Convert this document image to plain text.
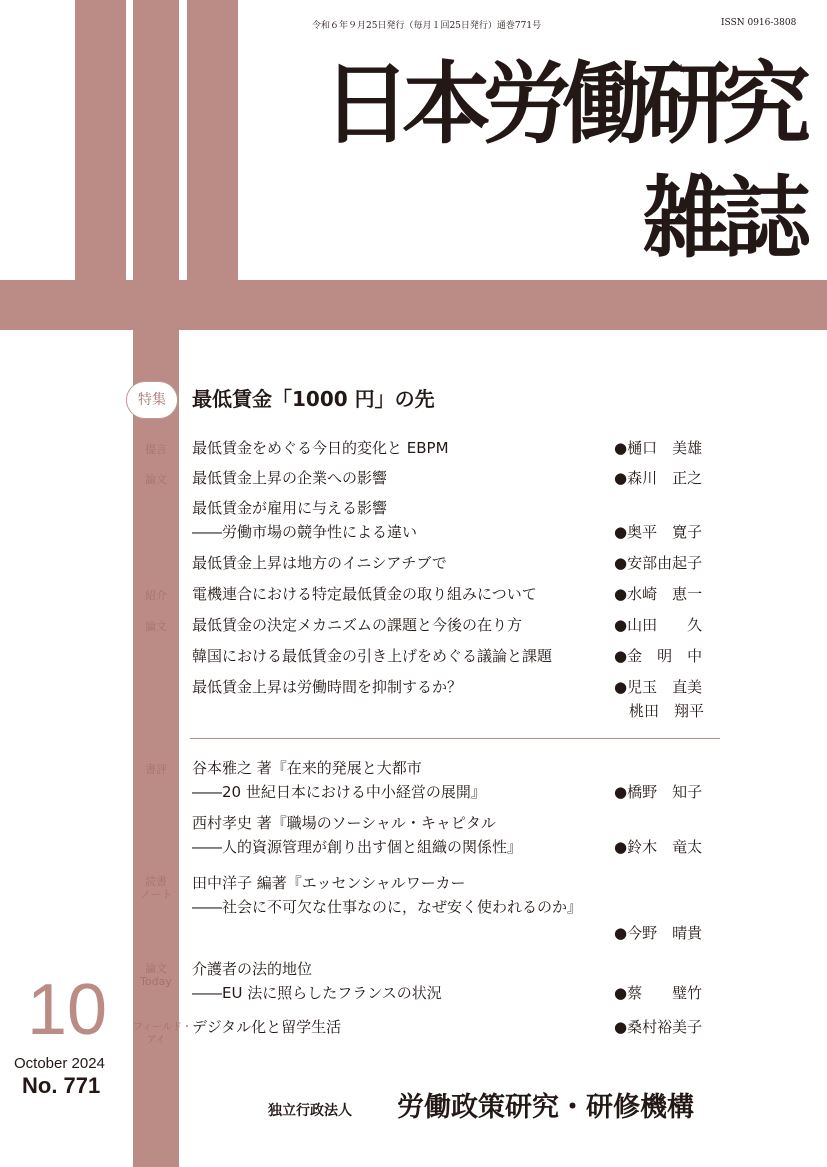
令和６年９月25日発行（毎月１回25日発行）通巻771号	ISSN 0916-3808
日本労働研究
雑誌
特集	最低賃金「1000 円」の先
提言	最低賃金をめぐる今日的変化と EBPM	●樋口　美雄
論文	最低賃金上昇の企業への影響	●森川　正之
最低賃金が雇用に与える影響
――労働市場の競争性による違い	●奥平　寛子
最低賃金上昇は地方のイニシアチブで	●安部由起子
紹介	電機連合における特定最低賃金の取り組みについて	●水崎　恵一
論文	最低賃金の決定メカニズムの課題と今後の在り方	●山田　　久
韓国における最低賃金の引き上げをめぐる議論と課題	●金　明　中
最低賃金上昇は労働時間を抑制するか？	●児玉　直美
　桃田　翔平
書評	谷本雅之 著『在来的発展と大都市
――20 世紀日本における中小経営の展開』	●橋野　知子
西村孝史 著『職場のソーシャル・キャピタル
――人的資源管理が創り出す個と組織の関係性』	●鈴木　竜太
読書
ノート
田中洋子 編著『エッセンシャルワーカー
――社会に不可欠な仕事なのに，なぜ安く使われるのか』
●今野　晴貴
論文
Today
介護者の法的地位
――EU 法に照らしたフランスの状況	●蔡　　璧竹
フィールド・
アイ
デジタル化と留学生活	●桑村裕美子
10
October 2024
No. 771
独立行政法人 労働政策研究・研修機構
